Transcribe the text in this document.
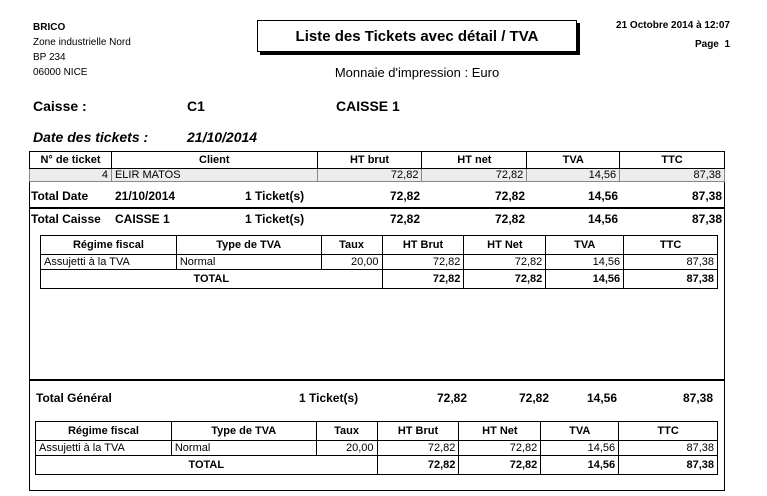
BRICO
Zone industrielle Nord
BP 234
06000 NICE
Liste des Tickets avec détail / TVA
Monnaie d'impression : Euro
21 Octobre 2014 à 12:07
Page 1
Caisse :	C1	CAISSE 1
Date des tickets :	21/10/2014
N° de ticket	Client	HT brut	HT net	TVA	TTC
4	ELIR MATOS	72,82	72,82	14,56	87,38
Total Date 21/10/2014	1 Ticket(s)	72,82	72,82	14,56	87,38
Total Caisse CAISSE 1	1 Ticket(s)	72,82	72,82	14,56	87,38
Régime fiscal	Type de TVA	Taux	HT Brut	HT Net	TVA	TTC
Assujetti à la TVA	Normal	20,00	72,82	72,82	14,56	87,38
TOTAL			72,82	72,82	14,56	87,38
Total Général	1 Ticket(s)	72,82	72,82	14,56	87,38
Régime fiscal	Type de TVA	Taux	HT Brut	HT Net	TVA	TTC
Assujetti à la TVA	Normal	20,00	72,82	72,82	14,56	87,38
TOTAL			72,82	72,82	14,56	87,38
